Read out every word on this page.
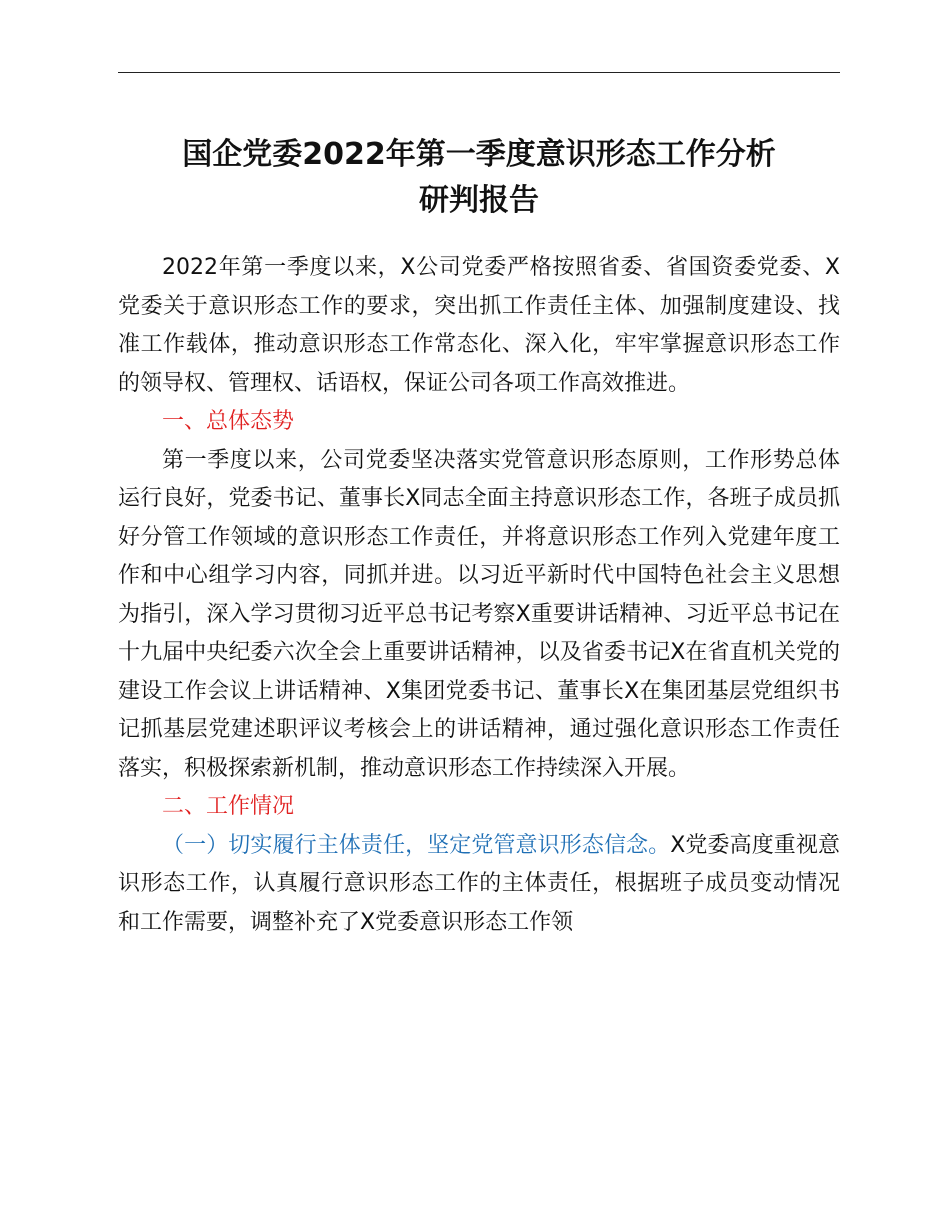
国企党委2022年第一季度意识形态工作分析
研判报告

2022年第一季度以来，X公司党委严格按照省委、省国资委党委、X党委关于意识形态工作的要求，突出抓工作责任主体、加强制度建设、找准工作载体，推动意识形态工作常态化、深入化，牢牢掌握意识形态工作的领导权、管理权、话语权，保证公司各项工作高效推进。

一、总体态势

第一季度以来，公司党委坚决落实党管意识形态原则，工作形势总体运行良好，党委书记、董事长X同志全面主持意识形态工作，各班子成员抓好分管工作领域的意识形态工作责任，并将意识形态工作列入党建年度工作和中心组学习内容，同抓并进。以习近平新时代中国特色社会主义思想为指引，深入学习贯彻习近平总书记考察X重要讲话精神、习近平总书记在十九届中央纪委六次全会上重要讲话精神，以及省委书记X在省直机关党的建设工作会议上讲话精神、X集团党委书记、董事长X在集团基层党组织书记抓基层党建述职评议考核会上的讲话精神，通过强化意识形态工作责任落实，积极探索新机制，推动意识形态工作持续深入开展。

二、工作情况

（一）切实履行主体责任，坚定党管意识形态信念。X党委高度重视意识形态工作，认真履行意识形态工作的主体责任，根据班子成员变动情况和工作需要，调整补充了X党委意识形态工作领
